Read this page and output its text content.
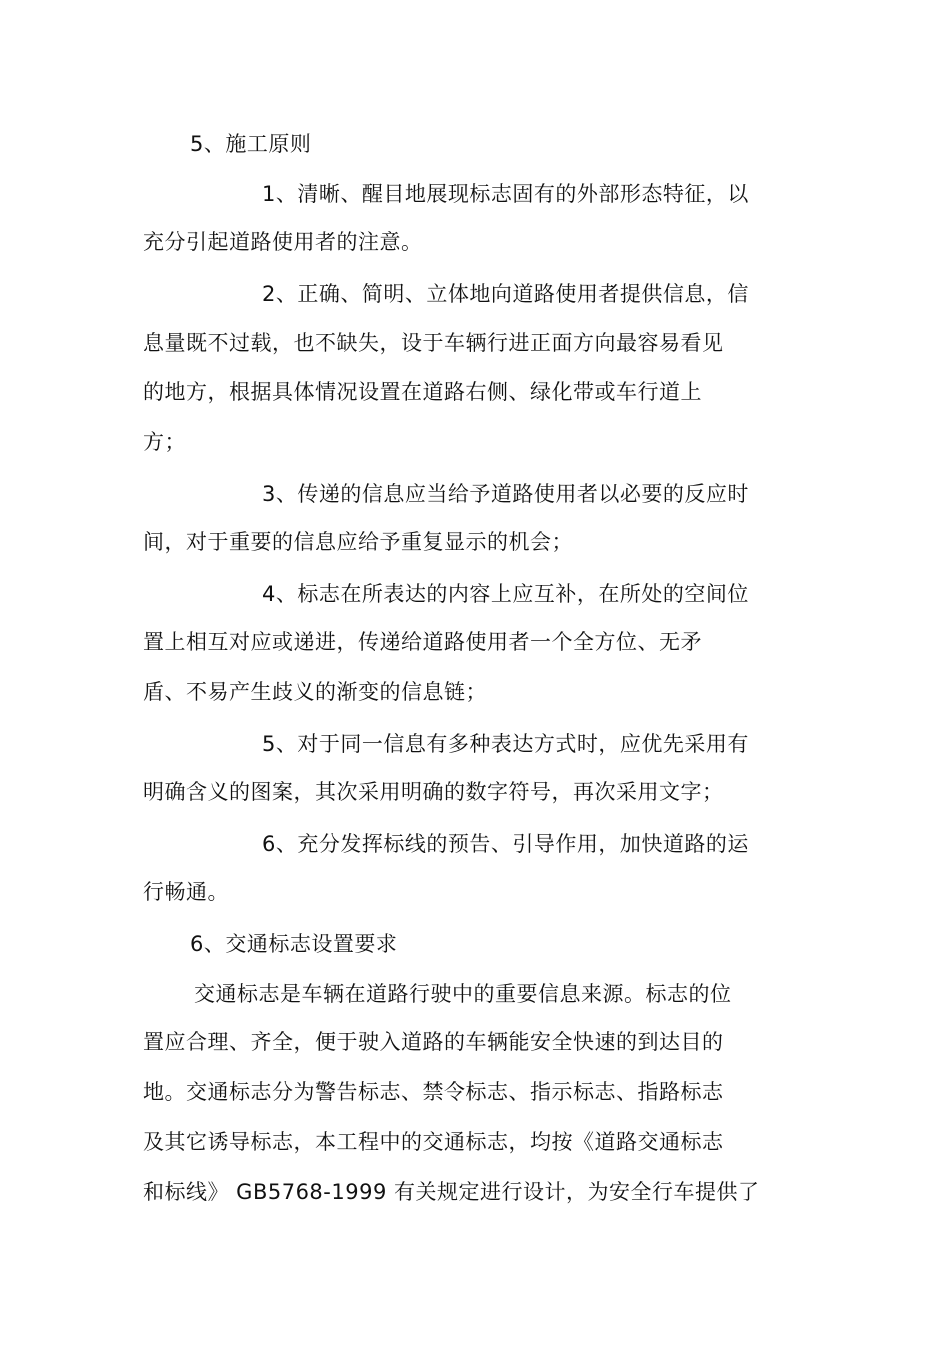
5、施工原则
1、清晰、醒目地展现标志固有的外部形态特征，以
充分引起道路使用者的注意。
2、正确、简明、立体地向道路使用者提供信息，信
息量既不过载，也不缺失，设于车辆行进正面方向最容易看见
的地方，根据具体情况设置在道路右侧、绿化带或车行道上
方；
3、传递的信息应当给予道路使用者以必要的反应时
间，对于重要的信息应给予重复显示的机会；
4、标志在所表达的内容上应互补，在所处的空间位
置上相互对应或递进，传递给道路使用者一个全方位、无矛
盾、不易产生歧义的渐变的信息链；
5、对于同一信息有多种表达方式时，应优先采用有
明确含义的图案，其次采用明确的数字符号，再次采用文字；
6、充分发挥标线的预告、引导作用，加快道路的运
行畅通。
6、交通标志设置要求
交通标志是车辆在道路行驶中的重要信息来源。标志的位
置应合理、齐全，便于驶入道路的车辆能安全快速的到达目的
地。交通标志分为警告标志、禁令标志、指示标志、指路标志
及其它诱导标志，本工程中的交通标志，均按《道路交通标志
和标线》 GB5768-1999 有关规定进行设计，为安全行车提供了
